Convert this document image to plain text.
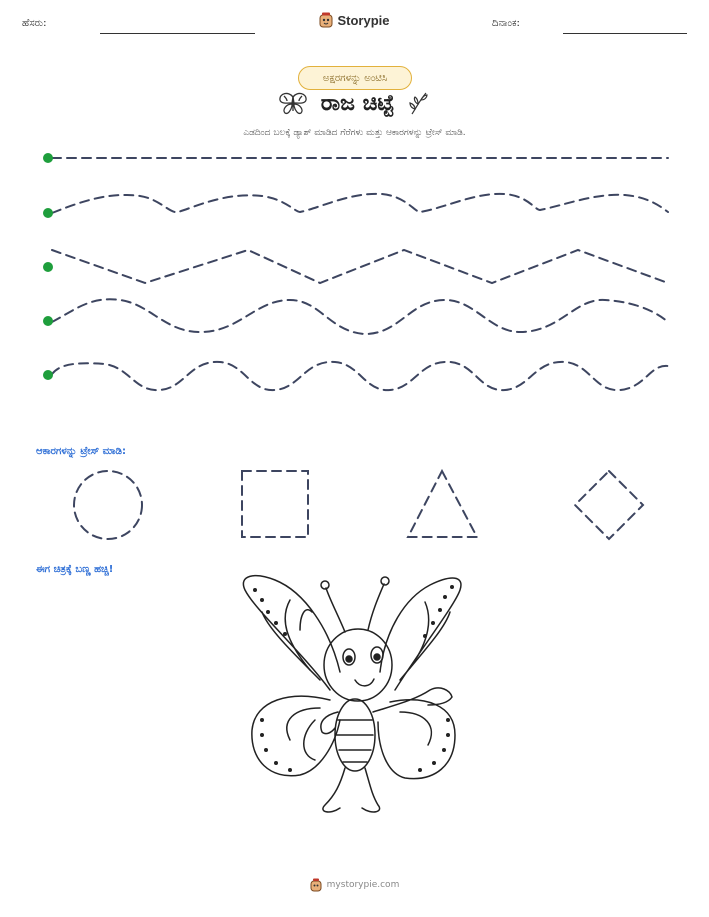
ಹೆಸರು:	Storypie	ದಿನಾಂಕ:
ಅಕ್ಷರಗಳನ್ನು ಅಂಟಿಸಿ
ರಾಜ ಚಿಟ್ಟೆ
ಎಡದಿಂದ ಬಲಕ್ಕೆ ಡ್ಯಾಶ್ ಮಾಡಿದ ಗೆರೆಗಳು ಮತ್ತು ಆಕಾರಗಳನ್ನು ಟ್ರೇಸ್ ಮಾಡಿ.
ಆಕಾರಗಳನ್ನು ಟ್ರೇಸ್ ಮಾಡಿ:
ಈಗ ಚಿತ್ರಕ್ಕೆ ಬಣ್ಣ ಹಚ್ಚಿ!
mystorypie.com
